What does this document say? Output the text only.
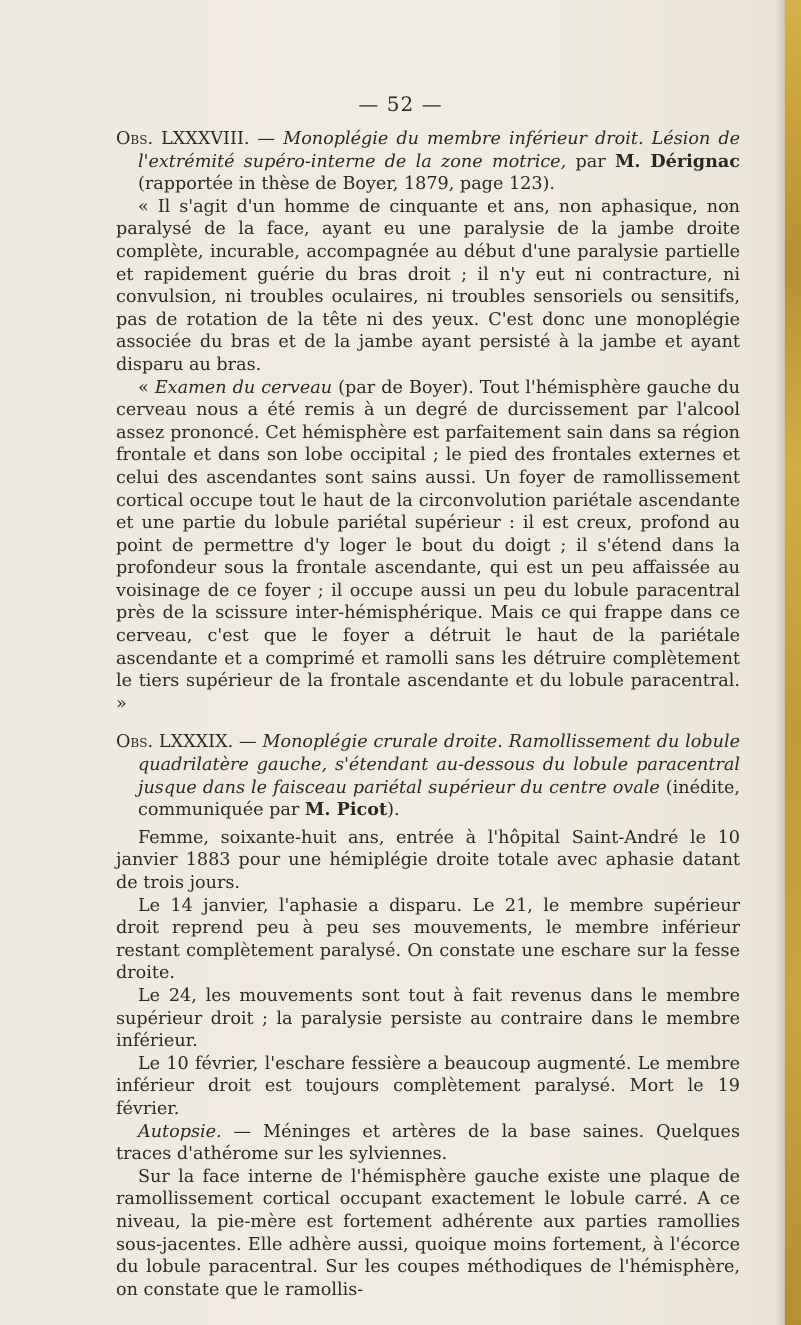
— 52 —

Obs. LXXXVIII. — Monoplégie du membre inférieur droit. Lésion de l'extrémité supéro-interne de la zone motrice, par M. Dérignac (rapportée in thèse de Boyer, 1879, page 123).

« Il s'agit d'un homme de cinquante et ans, non aphasique, non paralysé de la face, ayant eu une paralysie de la jambe droite complète, incurable, accompagnée au début d'une paralysie partielle et rapidement guérie du bras droit ; il n'y eut ni contracture, ni convulsion, ni troubles oculaires, ni troubles sensoriels ou sensitifs, pas de rotation de la tête ni des yeux. C'est donc une monoplégie associée du bras et de la jambe ayant persisté à la jambe et ayant disparu au bras.

« Examen du cerveau (par de Boyer). Tout l'hémisphère gauche du cerveau nous a été remis à un degré de durcissement par l'alcool assez prononcé. Cet hémisphère est parfaitement sain dans sa région frontale et dans son lobe occipital ; le pied des frontales externes et celui des ascendantes sont sains aussi. Un foyer de ramollissement cortical occupe tout le haut de la circonvolution pariétale ascendante et une partie du lobule pariétal supérieur : il est creux, profond au point de permettre d'y loger le bout du doigt ; il s'étend dans la profondeur sous la frontale ascendante, qui est un peu affaissée au voisinage de ce foyer ; il occupe aussi un peu du lobule paracentral près de la scissure inter-hémisphérique. Mais ce qui frappe dans ce cerveau, c'est que le foyer a détruit le haut de la pariétale ascendante et a comprimé et ramolli sans les détruire complètement le tiers supérieur de la frontale ascendante et du lobule paracentral. »

Obs. LXXXIX. — Monoplégie crurale droite. Ramollissement du lobule quadrilatère gauche, s'étendant au-dessous du lobule paracentral jusque dans le faisceau pariétal supérieur du centre ovale (inédite, communiquée par M. Picot).

Femme, soixante-huit ans, entrée à l'hôpital Saint-André le 10 janvier 1883 pour une hémiplégie droite totale avec aphasie datant de trois jours.

Le 14 janvier, l'aphasie a disparu. Le 21, le membre supérieur droit reprend peu à peu ses mouvements, le membre inférieur restant complètement paralysé. On constate une eschare sur la fesse droite.

Le 24, les mouvements sont tout à fait revenus dans le membre supérieur droit ; la paralysie persiste au contraire dans le membre inférieur.

Le 10 février, l'eschare fessière a beaucoup augmenté. Le membre inférieur droit est toujours complètement paralysé. Mort le 19 février.

Autopsie. — Méninges et artères de la base saines. Quelques traces d'athérome sur les sylviennes.

Sur la face interne de l'hémisphère gauche existe une plaque de ramollissement cortical occupant exactement le lobule carré. A ce niveau, la pie-mère est fortement adhérente aux parties ramollies sous-jacentes. Elle adhère aussi, quoique moins fortement, à l'écorce du lobule paracentral. Sur les coupes méthodiques de l'hémisphère, on constate que le ramollis-
